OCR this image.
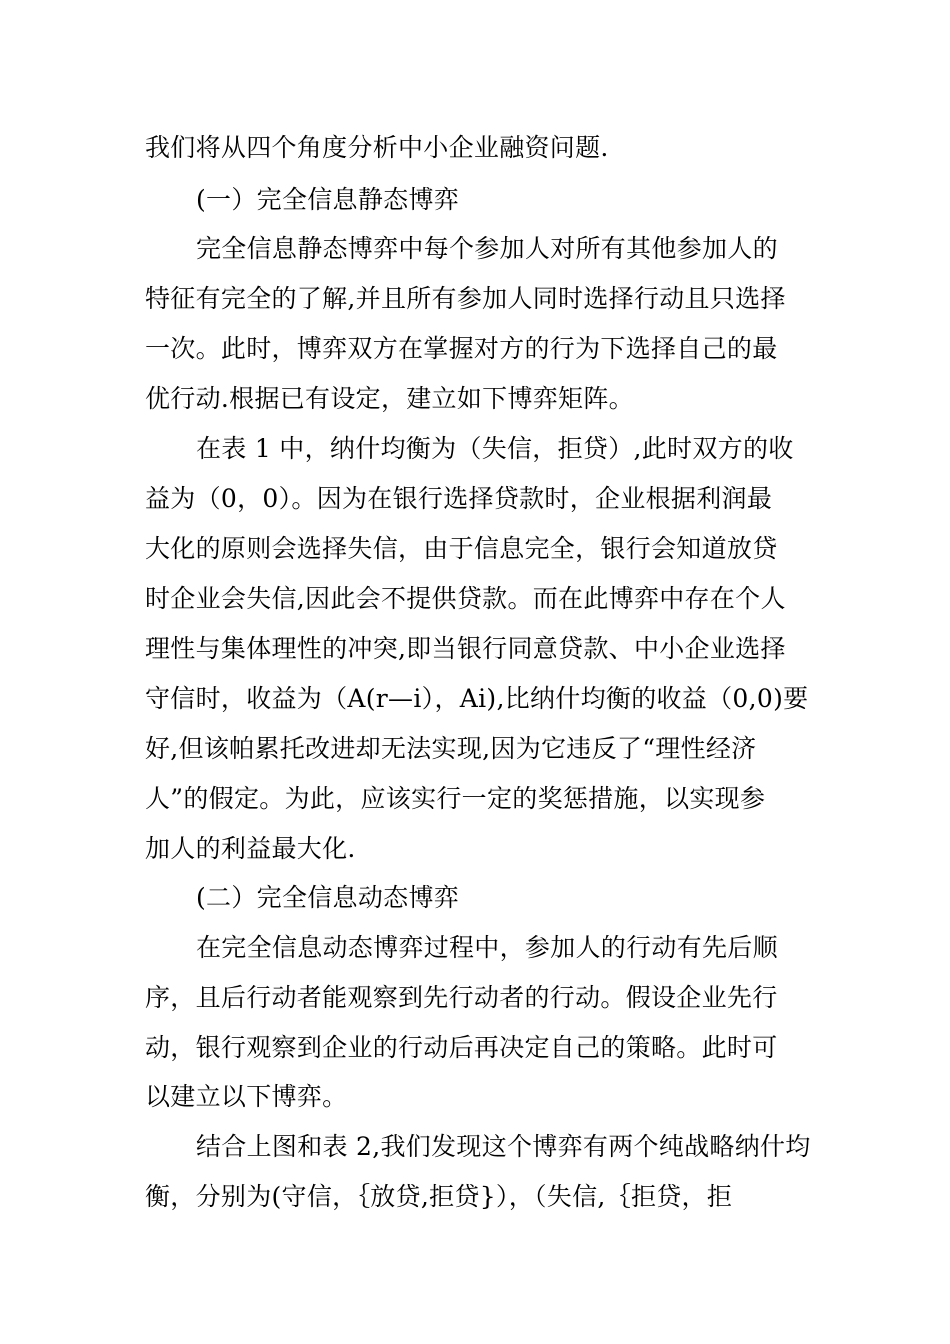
我们将从四个角度分析中小企业融资问题.
(一）完全信息静态博弈
完全信息静态博弈中每个参加人对所有其他参加人的
特征有完全的了解,并且所有参加人同时选择行动且只选择
一次。此时，博弈双方在掌握对方的行为下选择自己的最
优行动.根据已有设定，建立如下博弈矩阵。
在表 1 中，纳什均衡为（失信，拒贷）,此时双方的收
益为（0，0）。因为在银行选择贷款时，企业根据利润最
大化的原则会选择失信，由于信息完全，银行会知道放贷
时企业会失信,因此会不提供贷款。而在此博弈中存在个人
理性与集体理性的冲突,即当银行同意贷款、中小企业选择
守信时，收益为（A(r—i），Ai),比纳什均衡的收益（0,0)要
好,但该帕累托改进却无法实现,因为它违反了“理性经济
人”的假定。为此，应该实行一定的奖惩措施，以实现参
加人的利益最大化.
(二）完全信息动态博弈
在完全信息动态博弈过程中，参加人的行动有先后顺
序，且后行动者能观察到先行动者的行动。假设企业先行
动，银行观察到企业的行动后再决定自己的策略。此时可
以建立以下博弈。
结合上图和表 2,我们发现这个博弈有两个纯战略纳什均
衡，分别为(守信，｛放贷,拒贷}），（失信,｛拒贷，拒
